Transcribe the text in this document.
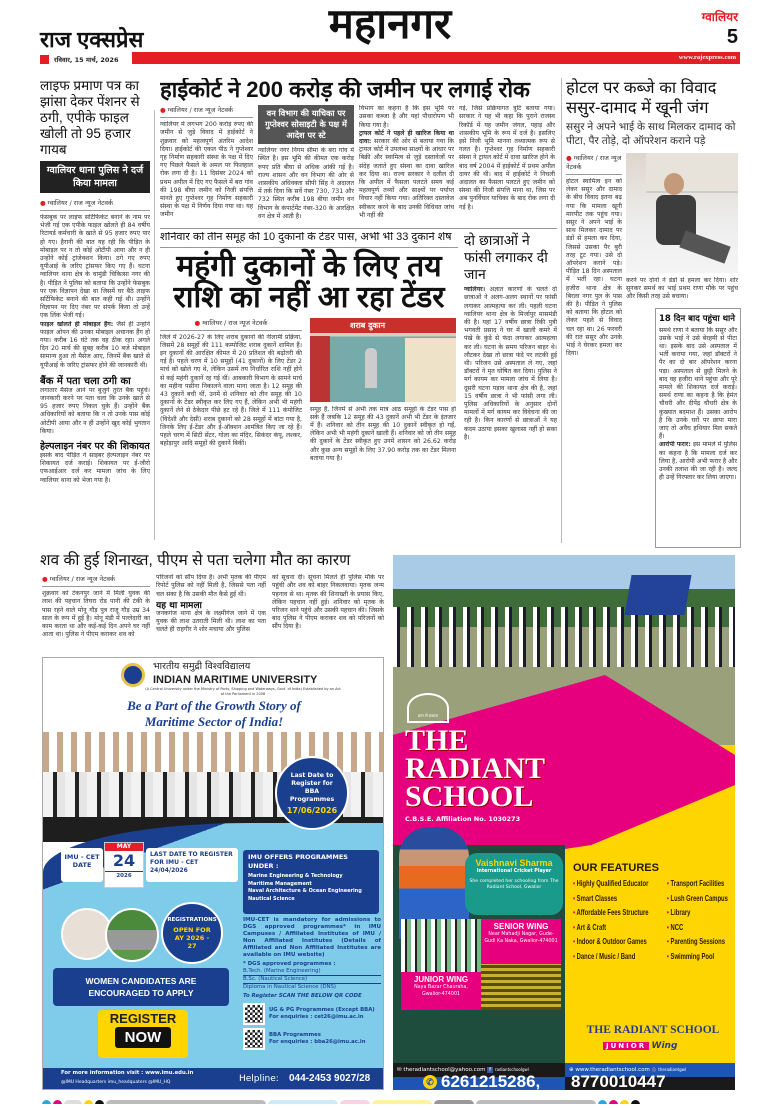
राज एक्सप्रेस
रविवार, 15 मार्च, 2026
महानगर	ग्वालियर
5
www.rajexpress.com
लाइफ प्रमाण पत्र का झांसा देकर पेंशनर से ठगी, एपीके फाइल खोली तो 95 हजार गायब
ग्वालियर थाना पुलिस ने दर्ज किया मामला
● ग्वालियर / राज न्यूज नेटवर्क

फेसबुक पर लाइफ सर्टिफिकेट बनाने के नाम पर भेजी गई एक एपीके फाइल खोलते ही 84 वर्षीय रिटायर्ड कर्मचारी के खाते से 95 हजार रुपए पार हो गए। हैरानी की बात यह रही कि पीड़ित के मोबाइल पर न तो कोई ओटीपी आया और न ही उन्होंने कोई ट्रांजेक्शन किया। ठगे गए रुपए यूपीआई के जरिए ट्रांसफर किए गए हैं। घटना ग्वालियर थाना क्षेत्र के चामुंडी चिकित्सा नगर की है। पीड़ित ने पुलिस को बताया कि उन्होंने फेसबुक पर एक विज्ञापन देखा था जिसमें घर बैठे लाइफ सर्टिफिकेट बनाने की बात कही गई थी। उन्होंने विज्ञापन पर दिए नंबर पर संपर्क किया तो उन्हें एक लिंक भेजी गई।

फाइल खोलते ही मोबाइल हैंग: जैसे ही उन्होंने फाइल ओपन की उनका मोबाइल अचानक हैंग हो गया। करीब 16 घंटे तक वह ठीक रहा। अगले दिन 20 मार्च की सुबह करीब 10 बजे मोबाइल सामान्य हुआ तो मैसेज आए, जिनमें बैंक खाते से यूपीआई के जरिए ट्रांसफर होने की जानकारी थी।

बैंक में पता चला ठगी का

लगातार मैसेज आने पर बुजुर्ग तुरंत बैंक पहुंचे। जानकारी करने पर पता चला कि उनके खाते से 95 हजार रुपए निकल चुके हैं। उन्होंने बैंक अधिकारियों को बताया कि न तो उनके पास कोई ओटीपी आया और न ही उन्होंने खुद कोई भुगतान किया।

हेल्पलाइन नंबर पर की शिकायत

इसके बाद पीड़ित ने साइबर हेल्पलाइन नंबर पर शिकायत दर्ज कराई। शिकायत पर ई-जीरो एफआईआर दर्ज कर मामला जांच के लिए ग्वालियर थाना को भेजा गया है।

हाईकोर्ट ने 200 करोड़ की जमीन पर लगाई रोक
● ग्वालियर / राज न्यूज नेटवर्क

ग्वालियर में लगभग 200 करोड़ रुपए की जमीन से जुड़े विवाद में हाईकोर्ट ने शुक्रवार को महत्वपूर्ण अंतरिम आदेश दिया। हाईकोर्ट की एकल पीठ ने गुप्तेश्वर गृह निर्माण सहकारी संस्था के पक्ष में दिए गए पिछले फैसले के अमल पर फिलहाल रोक लगा दी है। 11 दिसंबर 2024 को प्रथम अपील में दिए गए फैसले में बरा गांव की 198 बीघा जमीन को निजी संपत्ति मानते हुए गुप्तेश्वर गृह निर्माण सहकारी संस्था के पक्ष में निर्णय दिया गया था। यह जमीन

वन विभाग की याचिका पर गुप्तेश्वर सोसाइटी के पक्ष में आदेश पर स्टे

ग्वालियर नगर निगम सीमा के बरा गांव में स्थित है। इस भूमि की कीमत एक करोड़ रुपए प्रति बीघा से अधिक आंकी गई है। राज्य शासन और वन विभाग की ओर से शासकीय अधिवक्ता सीपी सिंह ने अदालत में तर्क दिया कि सर्वे नंबर 730, 731 और 732 स्थित करीब 198 बीघा जमीन वन विभाग के कंपार्टमेंट नंबर-320 के आरक्षित वन क्षेत्र में आती है।

विभाग का कहना है कि इस भूमि पर उसका कब्जा है और यहां पौधारोपण भी किया गया है।
ट्रायल कोर्ट ने पहले ही खारिज किया था दावा: सरकार की ओर से बताया गया कि ट्रायल कोर्ट ने उपलब्ध साक्ष्यों के आधार पर बिक्री और स्वामित्व से जुड़े दस्तावेजों पर संदेह जताते हुए संस्था का दावा खारिज कर दिया था। राज्य सरकार ने दलील दी कि अपील में फैसला पलटते समय कई महत्वपूर्ण तथ्यों और साक्ष्यों पर पर्याप्त विचार नहीं किया गया। अतिरिक्त दस्तावेज स्वीकार करने के बाद उनकी विधिवत जांच भी नहीं की

गई, जिसे प्रक्रियागत त्रुटि बताया गया। सरकार ने यह भी कहा कि पुराने राजस्व रिकॉर्ड में यह जमीन जंगल, पहाड़ और शासकीय भूमि के रूप में दर्ज है। इसलिए इसे निजी भूमि मानना तथ्यात्मक रूप से गलत है। गुप्तेश्वर गृह निर्माण सहकारी संस्था ने ट्रायल कोर्ट में दावा खारिज होने के बाद वर्ष 2004 में हाईकोर्ट में प्रथम अपील दायर की थी। बाद में हाईकोर्ट ने निचली अदालत का फैसला पलटते हुए जमीन को संस्था की निजी संपत्ति माना था, जिस पर अब पुनर्विचार याचिका के बाद रोक लगा दी गई है।

शनिवार को तीन समूह की 10 दुकानों के टेंडर पास, अभी भी 33 दुकानें शेष
महंगी दुकानों के लिए तय
राशि का नहीं आ रहा टेंडर
● ग्वालियर / राज न्यूज नेटवर्क

जिले में 2026-27 के लिए शराब दुकानों की नीलामी प्रक्रिया, जिसमें 28 समूहों की 111 कम्पोजिट शराब दुकानें शामिल हैं। इन दुकानों की आरक्षित कीमत में 20 प्रतिशत की बढ़ोतरी की गई है। पहले चरण में 10 समूहों (41 दुकानों) के लिए टेंडर 2 मार्च को खोले गए थे, लेकिन उसमें तय निर्धारित राशि नहीं होने से कई महंगी दुकानें रह गई थीं। आबकारी विभाग के सामने मार्च का महीना पसीना निकालने वाला माना जाता है। 12 समूह की 43 दुकानें बची थीं, उनमें से शनिवार को तीन समूह की 10 दुकानों के टेंडर स्वीकृत कर लिए गए हैं, लेकिन अभी भी महंगी दुकानें लेने से ठेकेदार पीछे हट रहे हैं। जिले में 111 कंपोजिट (विदेशी और देसी) शराब दुकानों को 28 समूहों में बांटा गया है, जिनके लिए ई-टेंडर और ई-ऑक्शन आमंत्रित किए जा रहे हैं। पहले चरण में सिटी सेंटर, गोला का मंदिर, सिकंदर कंपू, लश्कर, बहोड़ापुर आदि समूहों की दुकानें बिकीं।

शराब दुकान

समूह हैं, जिनमें से अभी तक मात्र आठ समूहों के टेंडर पास हो सके हैं जबकि 12 समूह की 43 दुकानें अभी भी टेंडर के इंतजार में हैं। शनिवार को तीन समूह की 10 दुकानें स्वीकृत हो गईं, लेकिन अभी भी महंगी दुकानें खाली हैं। शनिवार को जो तीन समूह की दुकानें के टेंडर स्वीकृत हुए उनमें शासन को 26.62 करोड़ और कुछ अन्य समूहों के लिए 37.90 करोड़ तक का टेंडर मिलना बताया गया है।

दो छात्राओं ने फांसी लगाकर दी जान
ग्वालियर। अज्ञात कारणों के चलते दो छात्राओं ने अलग-अलग स्थानों पर फांसी लगाकर आत्महत्या कर ली। पहली घटना ग्वालियर थाना क्षेत्र के मिर्जापुर मासमंडी की है। यहां 17 वर्षीय छात्रा रिंकी पुत्री भगवती प्रसाद ने घर में खाली कमरे में पंखे के कुंडे से फंदा लगाकर आत्महत्या कर ली। घटना के समय परिजन बाहर थे। लौटकर देखा तो छात्रा फंदे पर लटकी हुई थी। परिजन उसे अस्पताल ले गए, जहां डॉक्टरों ने मृत घोषित कर दिया। पुलिस ने मर्ग कायम कर मामला जांच में लिया है। दूसरी घटना पड़ाव थाना क्षेत्र की है, जहां 15 वर्षीय छात्रा ने भी फांसी लगा ली। पुलिस अधिकारियों के अनुसार दोनों मामलों में मर्ग कायम कर विवेचना की जा रही है। किन कारणों से छात्राओं ने यह कदम उठाया इसका खुलासा नहीं हो सका है।
होटल पर कब्जे का विवाद ससुर-दामाद में खूनी जंग
ससुर ने अपने भाई के साथ मिलकर दामाद को पीटा, पैर तोड़े, दो ऑपरेशन कराने पड़े
● ग्वालियर / राज न्यूज नेटवर्क

होटल स्वामित्व इन को लेकर ससुर और दामाद के बीच विवाद इतना बढ़ गया कि मामला खूनी मारपीट तक पहुंच गया। ससुर ने अपने भाई के साथ मिलकर दामाद पर डंडों से हमला कर दिया, जिससे उसका पैर बुरी तरह टूट गया। उसे दो ऑपरेशन कराने पड़े। पीड़ित 18 दिन अस्पताल में भर्ती रहा। घटना हजीरा थाना क्षेत्र के बिरला नगर पुल के पास की है। पीड़ित ने पुलिस को बताया कि होटल को लेकर पहले से विवाद चल रहा था। 26 फरवरी की रात ससुर और उनके भाई ने घेरकर हमला कर दिया।

करने पर दोनों ने डंडों से हमला कर दिया। शोर सुनकर समर्थ का भाई प्रथम राणा मौके पर पहुंच और किसी तरह उसे बचाया।

18 दिन बाद पहुंचा थाने

समर्थ राणा ने बताया कि ससुर और उसके भाई ने उसे बेरहमी से पीटा था। इसके बाद उसे अस्पताल में भर्ती कराया गया, जहां डॉक्टरों ने पैर का दो बार ऑपरेशन करना पड़ा। अस्पताल से छुट्टी मिलने के बाद वह हजीरा थाने पहुंचा और पूरे मामले की शिकायत दर्ज कराई। समर्थ राणा का कहना है कि हेमंत चौधरी और दीपेंद्र चौधरी क्षेत्र के कुख्यात बदमाश हैं। उसका आरोप है कि उनके घरों पर छापा मारा जाए तो अवैध हथियार मिल सकते हैं।

आरोपी फरार: इस मामले में पुलिस का कहना है कि मामला दर्ज कर लिया है, आरोपी अभी फरार है और उनकी तलाश की जा रही है। जल्द ही उन्हें गिरफ्तार कर लिया जाएगा।

शव की हुई शिनाख्त, पीएम से पता चलेगा मौत का कारण
● ग्वालियर / राज न्यूज नेटवर्क

शुक्रवार को टेकनपुर जाने में मिली युवक की लाश की पहचान तिघरा रोड पानी की टंकी के पास रहने वाले मोनू गौड़ पुत्र राजू गौड़ उम्र 34 साल के रूप में हुई है। मोनू मंडी में पल्लेदारी का काम करता था और कई-कई दिन अपने घर नहीं आता था। पुलिस ने पीएम कराकर शव को

परिजनों को सौंप दिया है। अभी मृतक की पीएम रिपोर्ट पुलिस को नहीं मिली है, जिससे पता नहीं चल सका है कि उसकी मौत कैसे हुई थी।
यह था मामला
जनकगंज थाना क्षेत्र के लक्ष्मीगंज जाने में एक युवक की लाश उतराती मिली थी। लाश का पता चलते ही राहगीर ने शोर मचाया और पुलिस

को सूचना दी। सूचना मिलते ही पुलिस मौके पर पहुंची और शव को बाहर निकलवाया। मृतक जन्म पहनाव से था। मृतक की शिनाख्ती के प्रयास किए, लेकिन पहचान नहीं हुई। शनिवार को मृतक के परिजन थाने पहुंचे और उसकी पहचान की। जिसके बाद पुलिस ने पीएम कराकर शव को परिजनों को सौंप दिया है।

भारतीय समुद्री विश्वविद्यालय
INDIAN MARITIME UNIVERSITY
(A Central University under the Ministry of Ports, Shipping and Waterways, Govt. of India) Established by an Act of the Parliament in 2008
Be a Part of the Growth Story of
Maritime Sector of India!
Last Date to Register for BBA Programmes
17/06/2026
IMU - CET DATE
MAY
24
2026
LAST DATE TO REGISTER FOR IMU - CET 24/04/2026
REGISTRATIONS
OPEN FOR AY 2026 - 27
IMU OFFERS PROGRAMMES UNDER :
Marine Engineering & Technology
Maritime Management
Naval Architecture & Ocean Engineering
Nautical Science
IMU-CET is mandatory for admissions to DGS approved programmes* in IMU Campuses / Affiliated Institutes of IMU / Non Affiliated Institutes (Details of Affiliated and Non Affiliated Institutes are available on IMU website)
* DGS approved programmes :
B.Tech. (Marine Engineering)
B.Sc. (Nautical Science)
Diploma in Nautical Science (DNS)
To Register SCAN THE BELOW QR CODE
UG & PG Programmes (Except BBA)
For enquiries : cet26@imu.ac.in
BBA Programmes
For enquiries : bba26@imu.ac.in
WOMEN CANDIDATES ARE ENCOURAGED TO APPLY
REGISTER
NOW
For more information visit : www.imu.edu.in
@IMU Headquarters imu_headquaters @IMU_HQ	Helpline: 044-2453 9027/28
ज्ञान से प्रकाश
THE
RADIANT
SCHOOL
C.B.S.E. Affiliation No. 1030273
Vaishnavi Sharma
International Cricket Player
She completed her schooling from The Radiant School, Gwalior
SENIOR WING
Near Mahadji Nagar, Gude-Gudi Ka Naka, Gwalior-474001
JUNIOR WING
Naya Bazar Chauraha, Gwalior-474001
OUR FEATURES
• Highly Qualified Educator	• Transport Facilities
• Smart Classes	• Lush Green Campus
• Affordable Fees Structure	• Library
• Art & Craft	• NCC
• Indoor & Outdoor Games	• Parenting Sessions
• Dance / Music / Band	• Swimming Pool
THE RADIANT SCHOOL
JUNIOR Wing
✉ theradiantschool@yahoo.com f radiantschoolgwl	⊕ www.theradiantschool.com ◎ theradiantgwl
✆ 6261215286, 8770010447
